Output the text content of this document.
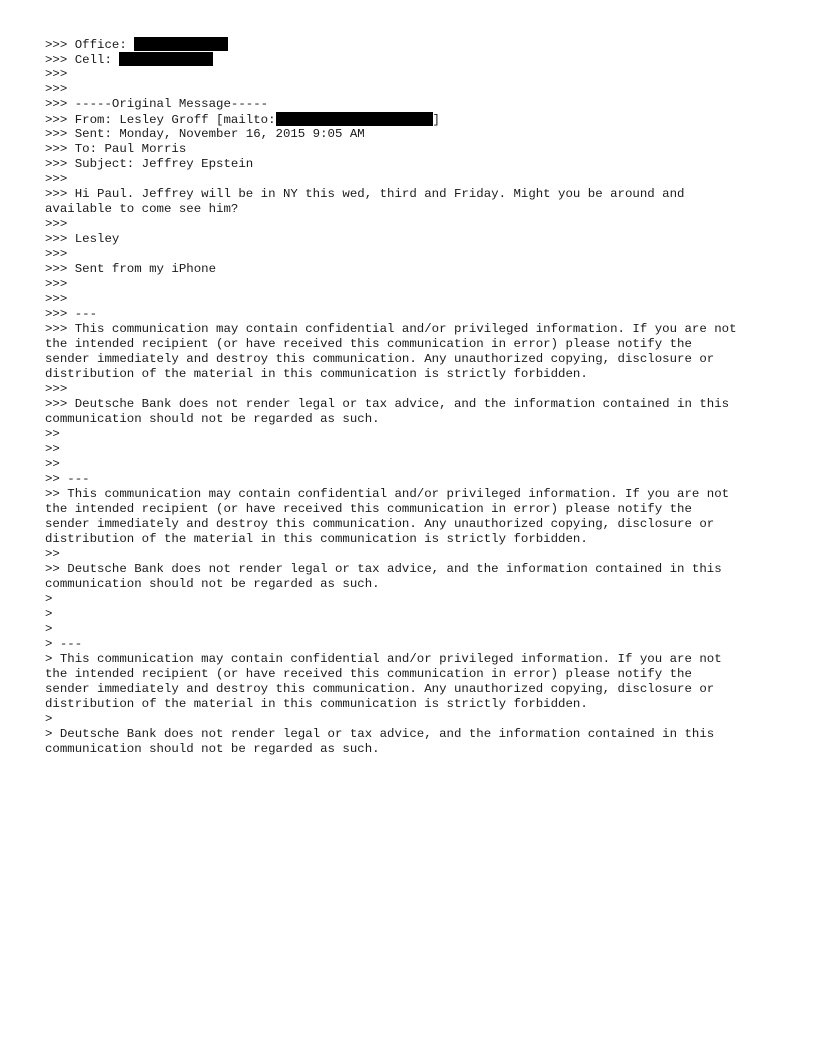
>>> Office:
>>> Cell:
>>>
>>>
>>> -----Original Message-----
>>> From: Lesley Groff [mailto:	]
>>> Sent: Monday, November 16, 2015 9:05 AM
>>> To: Paul Morris
>>> Subject: Jeffrey Epstein
>>>
>>> Hi Paul. Jeffrey will be in NY this wed, third and Friday. Might you be around and
available to come see him?
>>>
>>> Lesley
>>>
>>> Sent from my iPhone
>>>
>>>
>>> ---
>>> This communication may contain confidential and/or privileged information. If you are not
the intended recipient (or have received this communication in error) please notify the
sender immediately and destroy this communication. Any unauthorized copying, disclosure or
distribution of the material in this communication is strictly forbidden.
>>>
>>> Deutsche Bank does not render legal or tax advice, and the information contained in this
communication should not be regarded as such.
>>
>>
>>
>> ---
>> This communication may contain confidential and/or privileged information. If you are not
the intended recipient (or have received this communication in error) please notify the
sender immediately and destroy this communication. Any unauthorized copying, disclosure or
distribution of the material in this communication is strictly forbidden.
>>
>> Deutsche Bank does not render legal or tax advice, and the information contained in this
communication should not be regarded as such.
>
>
>
> ---
> This communication may contain confidential and/or privileged information. If you are not
the intended recipient (or have received this communication in error) please notify the
sender immediately and destroy this communication. Any unauthorized copying, disclosure or
distribution of the material in this communication is strictly forbidden.
>
> Deutsche Bank does not render legal or tax advice, and the information contained in this
communication should not be regarded as such.
